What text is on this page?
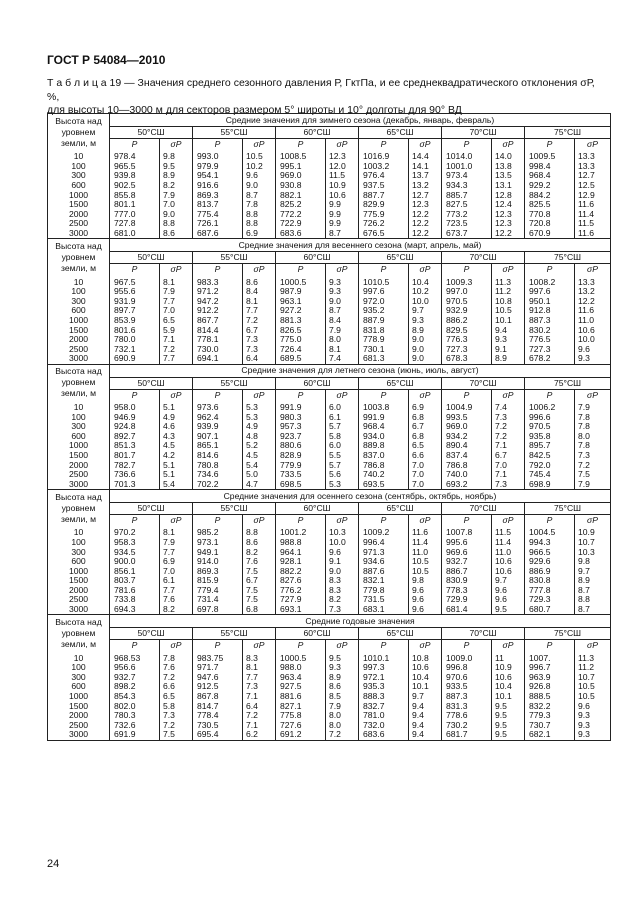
ГОСТ Р 54084—2010
Т а б л и ц а 19 — Значения среднего сезонного давления Р, ГктПа, и ее среднеквадратического отклонения σР, %,
для высоты 10—3000 м для секторов размером 5° широты и 10° долготы для 90° ВД
Высота над уровнем земли, м	Средние значения для зимнего сезона (декабрь, январь, февраль)											
	50°СШ		55°СШ		60°СШ		65°СШ		70°СШ		75°СШ	
	P	σP	P	σP	P	σP	P	σP	P	σP	P	σP
10	978.4	9.8	993.0	10.5	1008.5	12.3	1016.9	14.4	1014.0	14.0	1009.5	13.3
100	965.5	9.5	979.9	10.2	995.1	12.0	1003.2	14.1	1001.0	13.8	998.4	13.3
300	939.8	8.9	954.1	9.6	969.0	11.5	976.4	13.7	973.4	13.5	968.4	12.7
600	902.5	8.2	916.6	9.0	930.8	10.9	937.5	13.2	934.3	13.1	929.2	12.5
1000	855.8	7.9	869.3	8.7	882.1	10.6	887.7	12.7	885.7	12.8	884.2	12.9
1500	801.1	7.0	813.7	7.8	825.2	9.9	829.9	12.3	827.5	12.4	825.5	11.6
2000	777.0	9.0	775.4	8.8	772.2	9.9	775.9	12.2	773.2	12.3	770.8	11.4
2500	727.8	8.8	726.1	8.8	722.9	9.9	726.2	12.2	723.5	12.3	720.8	11.5
3000	681.0	8.6	687.6	6.9	683.6	8.7	676.5	12.2	673.7	12.2	670.9	11.6
Высота над уровнем земли, м	Средние значения для весеннего сезона (март, апрель, май)											
	50°СШ		55°СШ		60°СШ		65°СШ		70°СШ		75°СШ	
	P	σP	P	σP	P	σP	P	σP	P	σP	P	σP
10	967.5	8.1	983.3	8.6	1000.5	9.3	1010.5	10.4	1009.3	11.3	1008.2	13.3
100	955.6	7.9	971.2	8.4	987.9	9.3	997.6	10.2	997.0	11.2	997.6	13.2
300	931.9	7.7	947.2	8.1	963.1	9.0	972.0	10.0	970.5	10.8	950.1	12.2
600	897.7	7.0	912.2	7.7	927.2	8.7	935.2	9.7	932.9	10.5	912.8	11.6
1000	853.9	6.5	867.7	7.2	881.3	8.4	887.9	9.3	886.2	10.1	887.3	11.0
1500	801.6	5.9	814.4	6.7	826.5	7.9	831.8	8.9	829.5	9.4	830.2	10.6
2000	780.0	7.1	778.1	7.3	775.0	8.0	778.9	9.0	776.3	9.3	776.5	10.0
2500	732.1	7.2	730.0	7.3	726.4	8.1	730.1	9.0	727.3	9.1	727.3	9.6
3000	690.9	7.7	694.1	6.4	689.5	7.4	681.3	9.0	678.3	8.9	678.2	9.3
Высота над уровнем земли, м	Средние значения для летнего сезона (июнь, июль, август)											
	50°СШ		55°СШ		60°СШ		65°СШ		70°СШ		75°СШ	
	P	σP	P	σP	P	σP	P	σP	P	σP	P	σP
10	958.0	5.1	973.6	5.3	991.9	6.0	1003.8	6.9	1004.9	7.4	1006.2	7.9
100	946.9	4.9	962.4	5.3	980.3	6.1	991.9	6.8	993.5	7.3	996.6	7.8
300	924.8	4.6	939.9	4.9	957.3	5.7	968.4	6.7	969.0	7.2	970.5	7.8
600	892.7	4.3	907.1	4.8	923.7	5.8	934.0	6.8	934.2	7.2	935.8	8.0
1000	851.3	4.5	865.1	5.2	880.6	6.0	889.8	6.5	890.4	7.1	895.7	7.8
1500	801.7	4.2	814.6	4.5	828.9	5.5	837.0	6.6	837.4	6.7	842.5	7.3
2000	782.7	5.1	780.8	5.4	779.9	5.7	786.8	7.0	786.8	7.0	792.0	7.2
2500	736.6	5.1	734.6	5.0	733.5	5.6	740.2	7.0	740.0	7.1	745.4	7.5
3000	701.3	5.4	702.2	4.7	698.5	5.3	693.5	7.0	693.2	7.3	698.9	7.9
Высота над уровнем земли, м	Средние значения для осеннего сезона (сентябрь, октябрь, ноябрь)											
	50°СШ		55°СШ		60°СШ		65°СШ		70°СШ		75°СШ	
	P	σP	P	σP	P	σP	P	σP	P	σP	P	σP
10	970.2	8.1	985.2	8.8	1001.2	10.3	1009.2	11.6	1007.8	11.5	1004.5	10.9
100	958.3	7.9	973.1	8.6	988.8	10.0	996.4	11.4	995.6	11.4	994.3	10.7
300	934.5	7.7	949.1	8.2	964.1	9.6	971.3	11.0	969.6	11.0	966.5	10.3
600	900.0	6.9	914.0	7.6	928.1	9.1	934.6	10.5	932.7	10.6	929.6	9.8
1000	856.1	7.0	869.3	7.5	882.2	9.0	887.6	10.5	886.7	10.6	886.9	9.7
1500	803.7	6.1	815.9	6.7	827.6	8.3	832.1	9.8	830.9	9.7	830.8	8.9
2000	781.6	7.7	779.4	7.5	776.2	8.3	779.8	9.6	778.3	9.6	777.8	8.7
2500	733.8	7.6	731.4	7.5	727.9	8.2	731.5	9.6	729.9	9.6	729.3	8.8
3000	694.3	8.2	697.8	6.8	693.1	7.3	683.1	9.6	681.4	9.5	680.7	8.7
Высота над уровнем земли, м	Средние годовые значения											
	50°СШ		55°СШ		60°СШ		65°СШ		70°СШ		75°СШ	
	P	σP	P	σP	P	σP	P	σP	P	σP	P	σP
10	968.53	7.8	983.75	8.3	1000.5	9.5	1010.1	10.8	1009.0	11	1007.	11.3
100	956.6	7.6	971.7	8.1	988.0	9.3	997.3	10.6	996.8	10.9	996.7	11.2
300	932.7	7.2	947.6	7.7	963.4	8.9	972.1	10.4	970.6	10.6	963.9	10.7
600	898.2	6.6	912.5	7.3	927.5	8.6	935.3	10.1	933.5	10.4	926.8	10.5
1000	854.3	6.5	867.8	7.1	881.6	8.5	888.3	9.7	887.3	10.1	888.5	10.5
1500	802.0	5.8	814.7	6.4	827.1	7.9	832.7	9.4	831.3	9.5	832.2	9.6
2000	780.3	7.3	778.4	7.2	775.8	8.0	781.0	9.4	778.6	9.5	779.3	9.3
2500	732.6	7.2	730.5	7.1	727.6	8.0	732.0	9.4	730.2	9.5	730.7	9.3
3000	691.9	7.5	695.4	6.2	691.2	7.2	683.6	9.4	681.7	9.5	682.1	9.3
24
